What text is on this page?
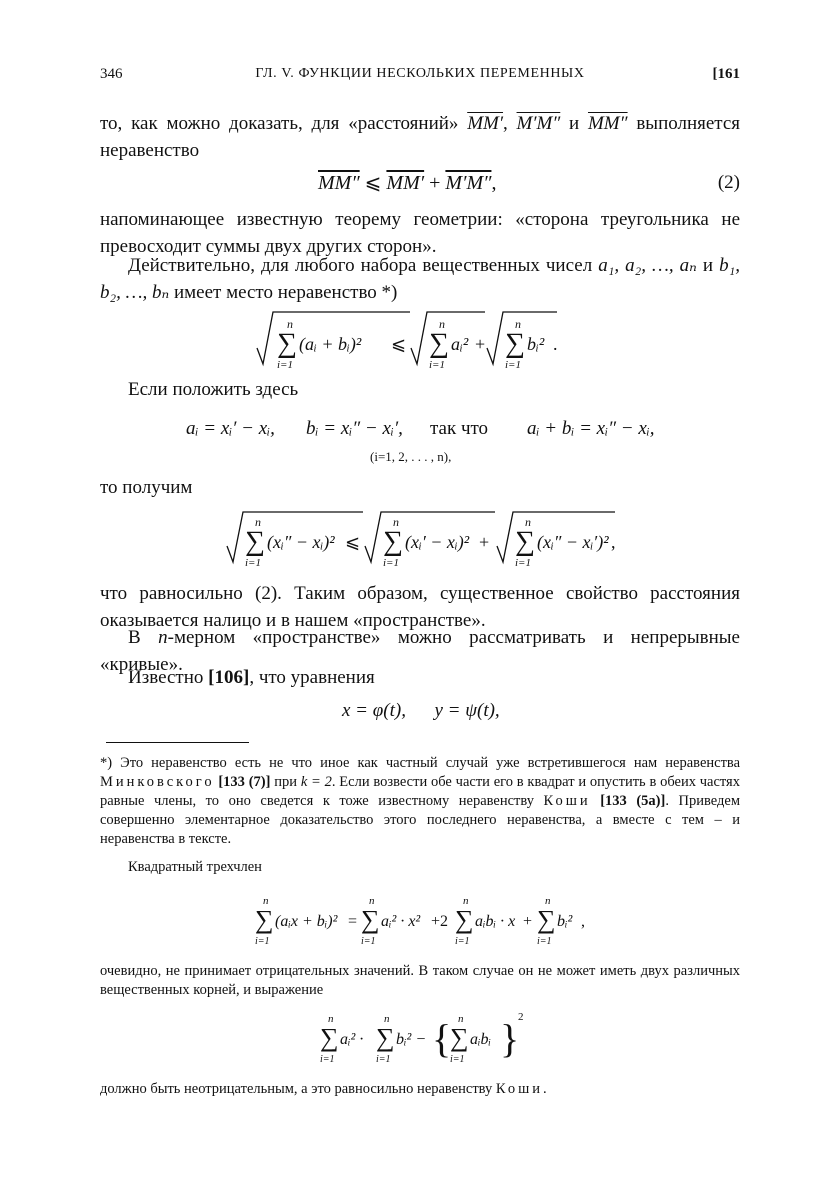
346	ГЛ. V. ФУНКЦИИ НЕСКОЛЬКИХ ПЕРЕМЕННЫХ	[161

то, как можно доказать, для «расстояний» MM′, M′M″ и MM″ выполняется неравенство

MM″ ⩽ MM′ + M′M″,	(2)

напоминающее известную теорему геометрии: «сторона треугольника не превосходит суммы двух других сторон».

Действительно, для любого набора вещественных чисел a₁, a₂, …, aₙ и b₁, b₂, …, bₙ имеет место неравенство *)

n
∑
i=1
(aᵢ + bᵢ)² ⩽
n
∑
i=1
aᵢ² +
n
∑
i=1
bᵢ² .

Если положить здесь

aᵢ = xᵢ′ − xᵢ, bᵢ = xᵢ″ − xᵢ′, так что aᵢ + bᵢ = xᵢ″ − xᵢ,
(i=1, 2, . . . , n),

то получим

n
∑
i=1
(xᵢ″ − xᵢ)² ⩽
n
∑
i=1
(xᵢ′ − xᵢ)² +
n
∑
i=1
(xᵢ″ − xᵢ′)² ,

что равносильно (2). Таким образом, существенное свойство расстояния оказывается налицо и в нашем «пространстве».

В n-мерном «пространстве» можно рассматривать и непрерывные «кривые».

Известно [106], что уравнения

x = φ(t),      y = ψ(t),

*) Это неравенство есть не что иное как частный случай уже встретившегося нам неравенства Минковского [133 (7)] при k = 2. Если возвести обе части его в квадрат и опустить в обеих частях равные члены, то оно сведется к тоже известному неравенству Коши [133 (5а)]. Приведем совершенно элементарное доказательство этого последнего неравенства, а вместе с тем – и неравенства в тексте.

Квадратный трехчлен

n
∑
i=1
(aᵢx + bᵢ)² =
n
∑
i=1
aᵢ² · x² +2
n
∑
i=1
aᵢbᵢ · x +
n
∑
i=1
bᵢ² ,

очевидно, не принимает отрицательных значений. В таком случае он не может иметь двух различных вещественных корней, и выражение

n
∑
i=1
aᵢ² ·
n
∑
i=1
bᵢ² − { n
∑
i=1
aᵢbᵢ }
2

должно быть неотрицательным, а это равносильно неравенству Коши.
